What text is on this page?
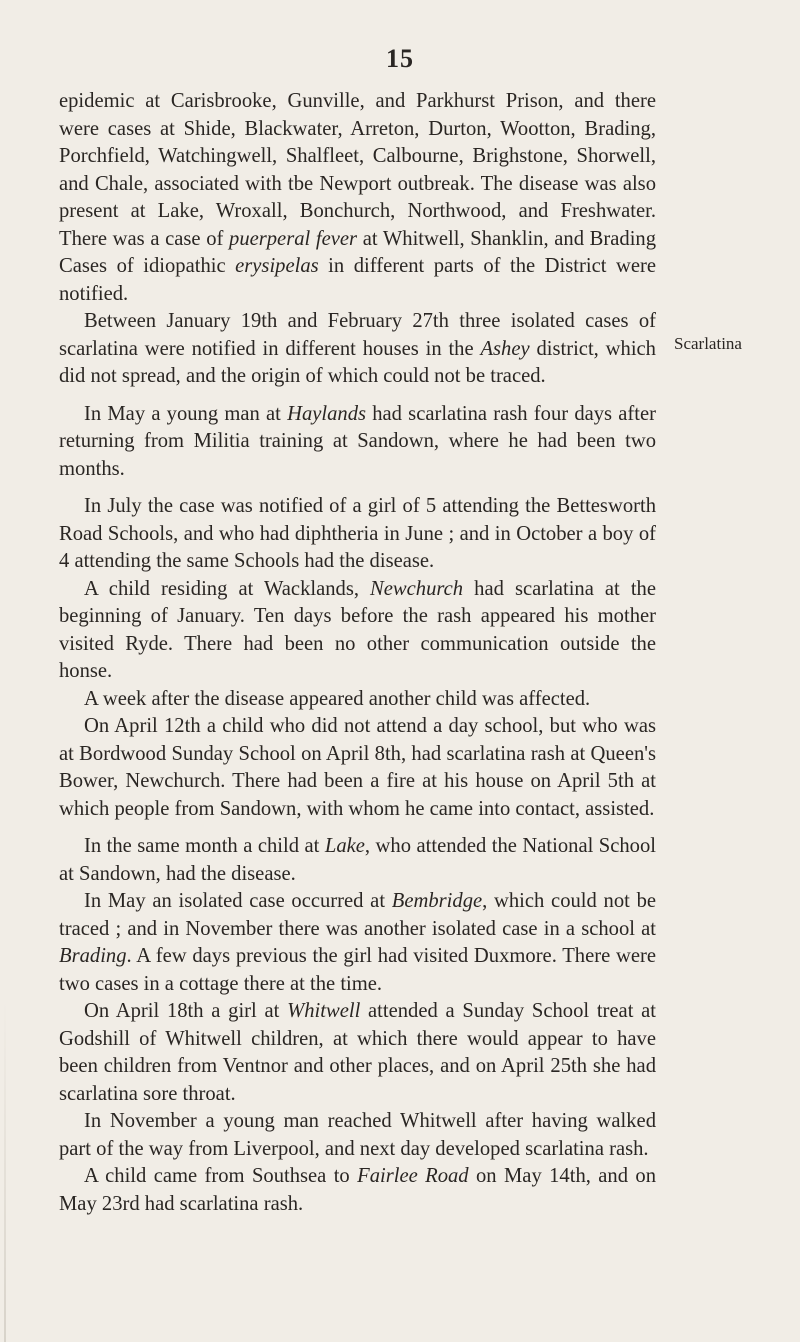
15
Scarlatina

epidemic at Carisbrooke, Gunville, and Parkhurst Prison, and there were cases at Shide, Blackwater, Arreton, Durton, Wootton, Brading, Porchfield, Watchingwell, Shalfleet, Calbourne, Brighstone, Shorwell, and Chale, associated with tbe Newport outbreak. The disease was also present at Lake, Wroxall, Bonchurch, Northwood, and Freshwater. There was a case of puerperal fever at Whitwell, Shanklin, and Brading Cases of idiopathic erysipelas in different parts of the District were notified.

Between January 19th and February 27th three isolated cases of scarlatina were notified in different houses in the Ashey district, which did not spread, and the origin of which could not be traced.

In May a young man at Haylands had scarlatina rash four days after returning from Militia training at Sandown, where he had been two months.

In July the case was notified of a girl of 5 attending the Bettesworth Road Schools, and who had diphtheria in June ; and in October a boy of 4 attending the same Schools had the disease.

A child residing at Wacklands, Newchurch had scarlatina at the beginning of January. Ten days before the rash appeared his mother visited Ryde. There had been no other communication outside the honse.

A week after the disease appeared another child was affected.

On April 12th a child who did not attend a day school, but who was at Bordwood Sunday School on April 8th, had scarlatina rash at Queen's Bower, Newchurch. There had been a fire at his house on April 5th at which people from Sandown, with whom he came into contact, assisted.

In the same month a child at Lake, who attended the National School at Sandown, had the disease.

In May an isolated case occurred at Bembridge, which could not be traced ; and in November there was another isolated case in a school at Brading. A few days previous the girl had visited Duxmore. There were two cases in a cottage there at the time.

On April 18th a girl at Whitwell attended a Sunday School treat at Godshill of Whitwell children, at which there would appear to have been children from Ventnor and other places, and on April 25th she had scarlatina sore throat.

In November a young man reached Whitwell after having walked part of the way from Liverpool, and next day developed scarlatina rash.

A child came from Southsea to Fairlee Road on May 14th, and on May 23rd had scarlatina rash.
